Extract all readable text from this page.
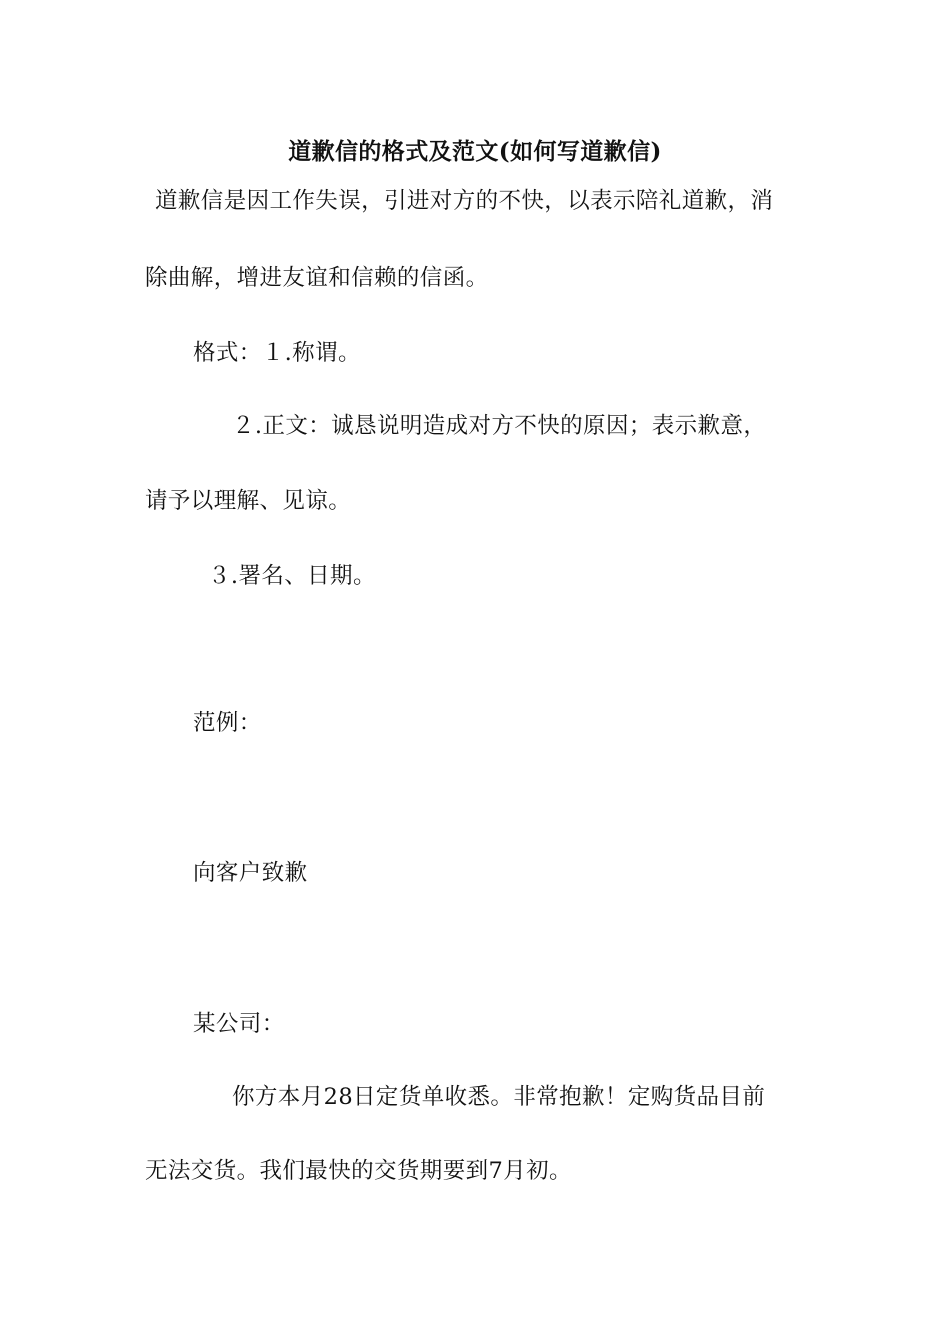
道歉信的格式及范文(如何写道歉信)
道歉信是因工作失误，引进对方的不快，以表示陪礼道歉，消
除曲解，增进友谊和信赖的信函。
格式：１.称谓。
２.正文：诚恳说明造成对方不快的原因；表示歉意，
请予以理解、见谅。
３.署名、日期。
范例：
向客户致歉
某公司：
你方本月28日定货单收悉。非常抱歉！定购货品目前
无法交货。我们最快的交货期要到7月初。
